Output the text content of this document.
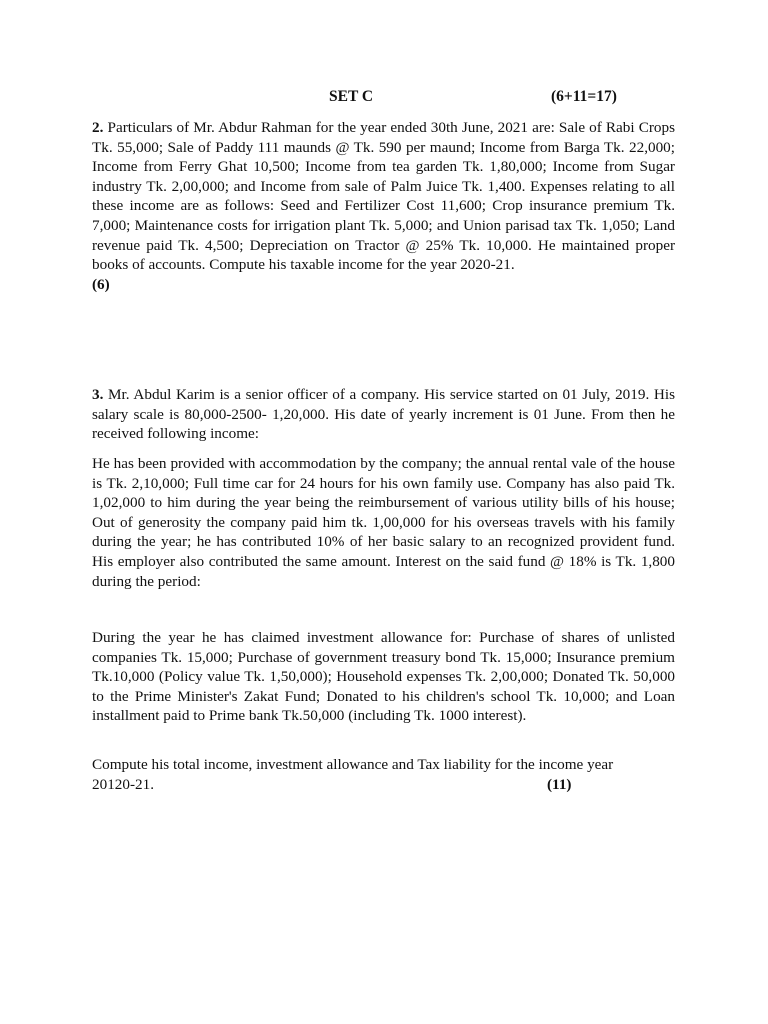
SET C	(6+11=17)

2. Particulars of Mr. Abdur Rahman for the year ended 30th June, 2021 are: Sale of Rabi Crops Tk. 55,000; Sale of Paddy 111 maunds @ Tk. 590 per maund; Income from Barga Tk. 22,000; Income from Ferry Ghat 10,500; Income from tea garden Tk. 1,80,000; Income from Sugar industry Tk. 2,00,000; and Income from sale of Palm Juice Tk. 1,400. Expenses relating to all these income are as follows: Seed and Fertilizer Cost 11,600; Crop insurance premium Tk. 7,000; Maintenance costs for irrigation plant Tk. 5,000; and Union parisad tax Tk. 1,050; Land revenue paid Tk. 4,500; Depreciation on Tractor @ 25% Tk. 10,000. He maintained proper books of accounts. Compute his taxable income for the year 2020-21.
(6)

3. Mr. Abdul Karim is a senior officer of a company. His service started on 01 July, 2019. His salary scale is 80,000-2500- 1,20,000. His date of yearly increment is 01 June. From then he received following income:

He has been provided with accommodation by the company; the annual rental vale of the house is Tk. 2,10,000; Full time car for 24 hours for his own family use. Company has also paid Tk. 1,02,000 to him during the year being the reimbursement of various utility bills of his house; Out of generosity the company paid him tk. 1,00,000 for his overseas travels with his family during the year; he has contributed 10% of her basic salary to an recognized provident fund. His employer also contributed the same amount. Interest on the said fund @ 18% is Tk. 1,800 during the period:

During the year he has claimed investment allowance for: Purchase of shares of unlisted companies Tk. 15,000; Purchase of government treasury bond Tk. 15,000; Insurance premium Tk.10,000 (Policy value Tk. 1,50,000); Household expenses Tk. 2,00,000; Donated Tk. 50,000 to the Prime Minister's Zakat Fund; Donated to his children's school Tk. 10,000; and Loan installment paid to Prime bank Tk.50,000 (including Tk. 1000 interest).

Compute his total income, investment allowance and Tax liability for the income year
20120-21.	(11)
